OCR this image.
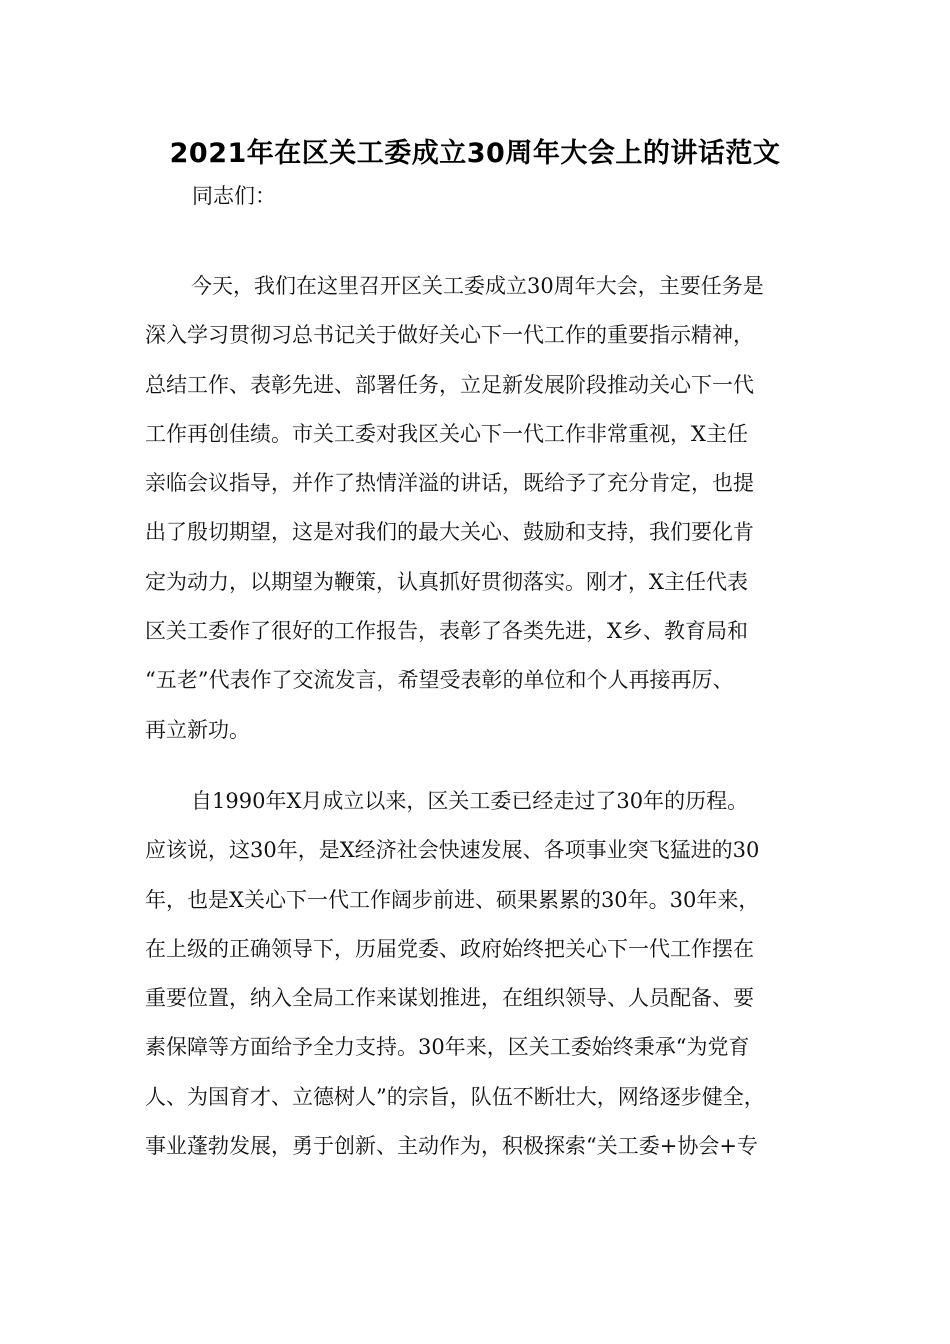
2021年在区关工委成立30周年大会上的讲话范文
同志们：
今天，我们在这里召开区关工委成立30周年大会，主要任务是
深入学习贯彻习总书记关于做好关心下一代工作的重要指示精神，
总结工作、表彰先进、部署任务，立足新发展阶段推动关心下一代
工作再创佳绩。市关工委对我区关心下一代工作非常重视，X主任
亲临会议指导，并作了热情洋溢的讲话，既给予了充分肯定，也提
出了殷切期望，这是对我们的最大关心、鼓励和支持，我们要化肯
定为动力，以期望为鞭策，认真抓好贯彻落实。刚才，X主任代表
区关工委作了很好的工作报告，表彰了各类先进，X乡、教育局和
“五老”代表作了交流发言，希望受表彰的单位和个人再接再厉、
再立新功。
自1990年X月成立以来，区关工委已经走过了30年的历程。
应该说，这30年，是X经济社会快速发展、各项事业突飞猛进的30
年，也是X关心下一代工作阔步前进、硕果累累的30年。30年来，
在上级的正确领导下，历届党委、政府始终把关心下一代工作摆在
重要位置，纳入全局工作来谋划推进，在组织领导、人员配备、要
素保障等方面给予全力支持。30年来，区关工委始终秉承“为党育
人、为国育才、立德树人”的宗旨，队伍不断壮大，网络逐步健全，
事业蓬勃发展，勇于创新、主动作为，积极探索“关工委+协会+专
